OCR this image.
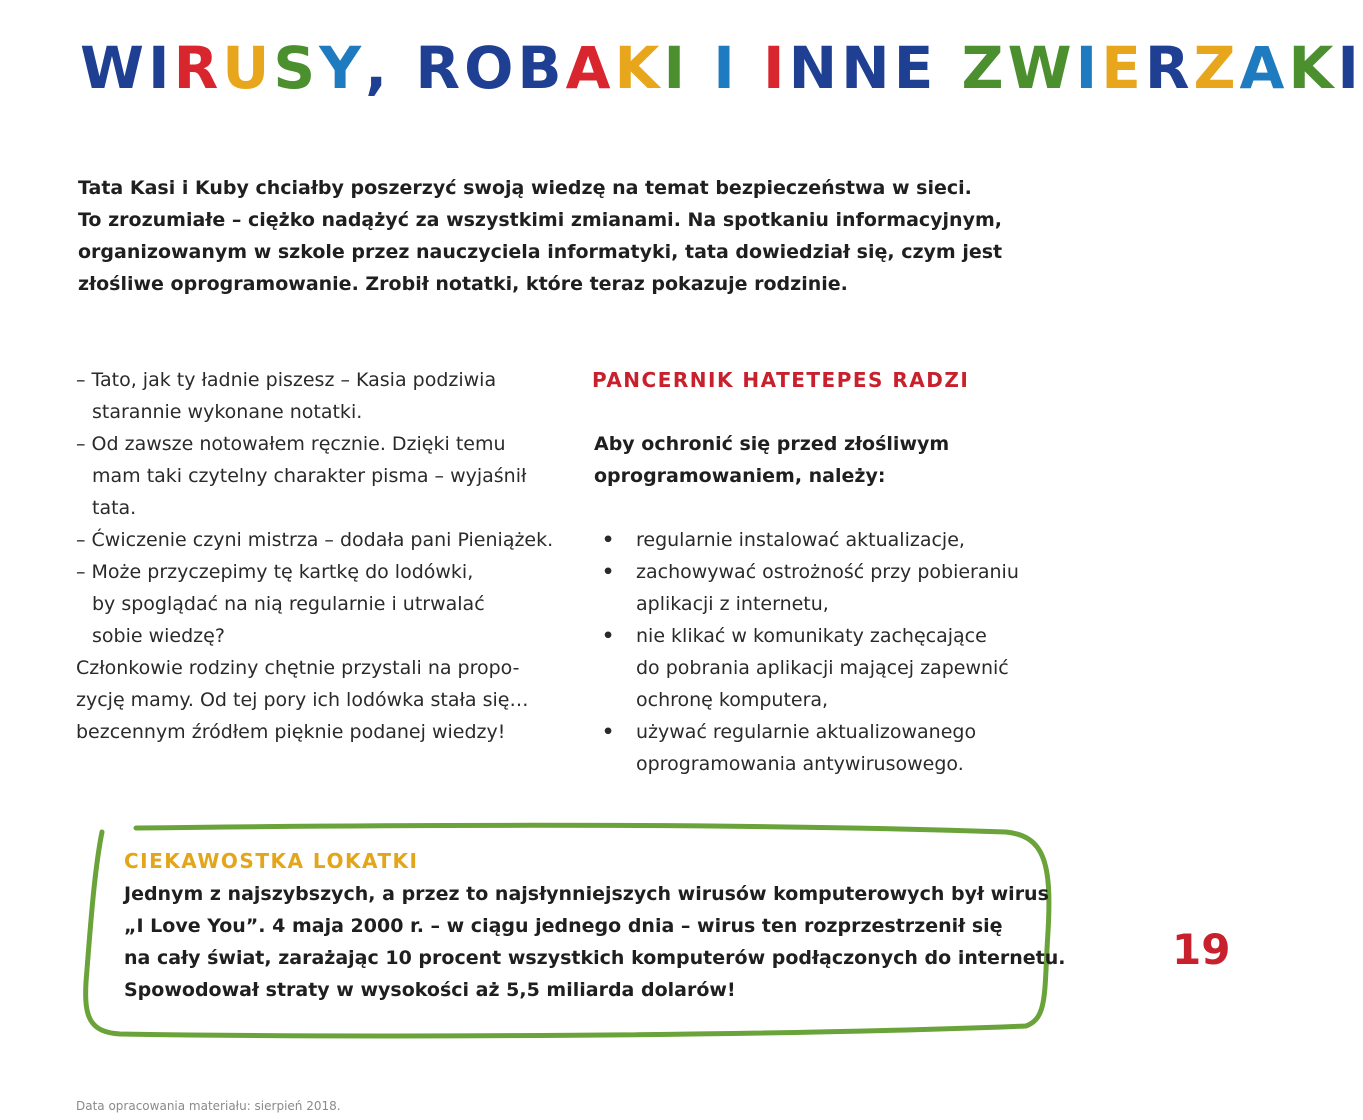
WIRUSY, ROBAKI I INNE ZWIERZAKI
Tata Kasi i Kuby chciałby poszerzyć swoją wiedzę na temat bezpieczeństwa w sieci.
To zrozumiałe – ciężko nadążyć za wszystkimi zmianami. Na spotkaniu informacyjnym,
organizowanym w szkole przez nauczyciela informatyki, tata dowiedział się, czym jest
złośliwe oprogramowanie. Zrobił notatki, które teraz pokazuje rodzinie.
– Tato, jak ty ładnie piszesz – Kasia podziwia
starannie wykonane notatki.
– Od zawsze notowałem ręcznie. Dzięki temu
mam taki czytelny charakter pisma – wyjaśnił
tata.
– Ćwiczenie czyni mistrza – dodała pani Pieniążek.
– Może przyczepimy tę kartkę do lodówki,
by spoglądać na nią regularnie i utrwalać
sobie wiedzę?
Członkowie rodziny chętnie przystali na propo-
zycję mamy. Od tej pory ich lodówka stała się…
bezcennym źródłem pięknie podanej wiedzy!
PANCERNIK HATETEPES RADZI
Aby ochronić się przed złośliwym
oprogramowaniem, należy:
• regularnie instalować aktualizacje,
• zachowywać ostrożność przy pobieraniu
aplikacji z internetu,
• nie klikać w komunikaty zachęcające
do pobrania aplikacji mającej zapewnić
ochronę komputera,
• używać regularnie aktualizowanego
oprogramowania antywirusowego.
CIEKAWOSTKA LOKATKI
Jednym z najszybszych, a przez to najsłynniejszych wirusów komputerowych był wirus
„I Love You”. 4 maja 2000 r. – w ciągu jednego dnia – wirus ten rozprzestrzenił się
na cały świat, zarażając 10 procent wszystkich komputerów podłączonych do internetu.
Spowodował straty w wysokości aż 5,5 miliarda dolarów!
19
Data opracowania materiału: sierpień 2018.
